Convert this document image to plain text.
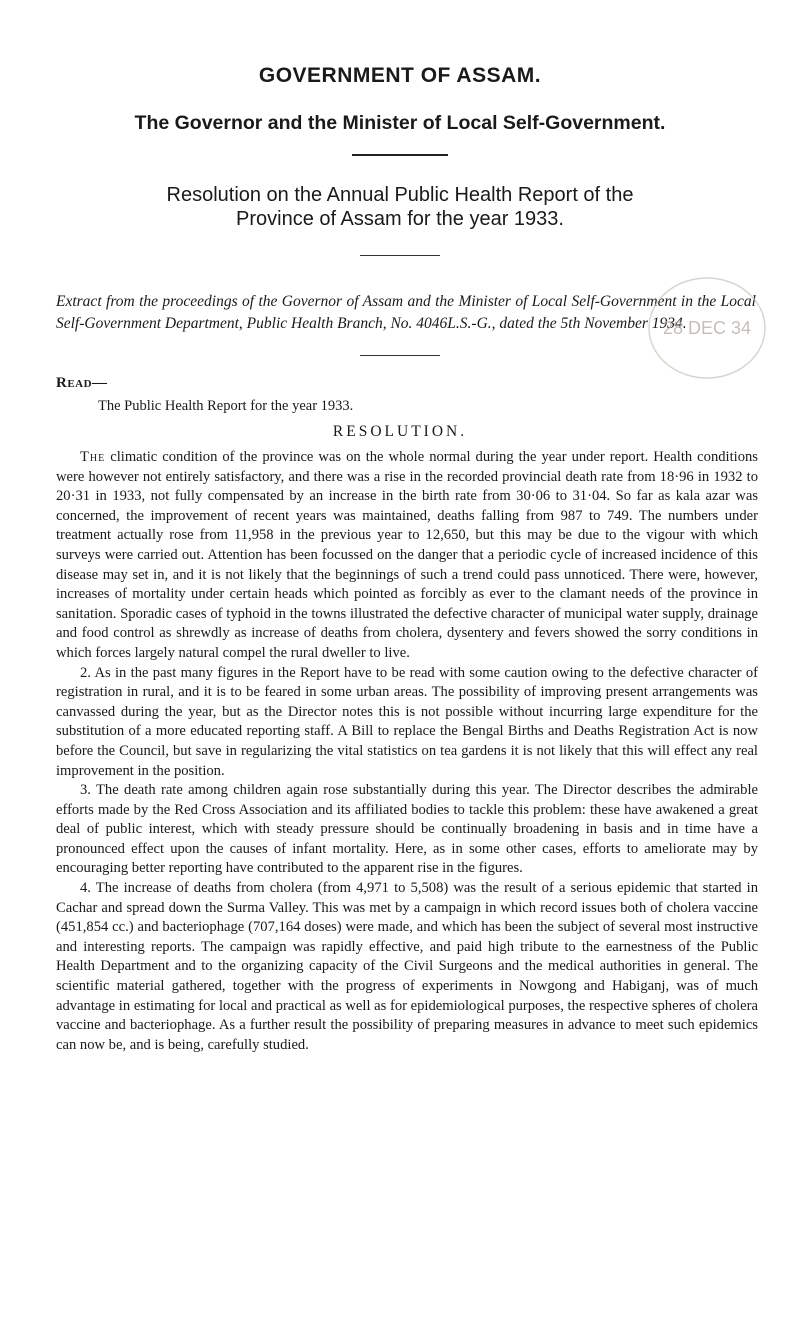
GOVERNMENT OF ASSAM.
The Governor and the Minister of Local Self-Government.
Resolution on the Annual Public Health Report of the
Province of Assam for the year 1933.
Extract from the proceedings of the Governor of Assam and the Minister of Local Self-Government in the Local Self-Government Department, Public Health Branch, No. 4046L.S.-G., dated the 5th November 1934.
28 DEC 34
Read—
The Public Health Report for the year 1933.
RESOLUTION.

The climatic condition of the province was on the whole normal during the year under report. Health conditions were however not entirely satisfactory, and there was a rise in the recorded provincial death rate from 18·96 in 1932 to 20·31 in 1933, not fully compensated by an increase in the birth rate from 30·06 to 31·04. So far as kala azar was concerned, the improvement of recent years was maintained, deaths falling from 987 to 749. The numbers under treatment actually rose from 11,958 in the previous year to 12,650, but this may be due to the vigour with which surveys were carried out. Attention has been focussed on the danger that a periodic cycle of increased incidence of this disease may set in, and it is not likely that the beginnings of such a trend could pass unnoticed. There were, however, increases of mortality under certain heads which pointed as forcibly as ever to the clamant needs of the province in sanitation. Sporadic cases of typhoid in the towns illustrated the defective character of municipal water supply, drainage and food control as shrewdly as increase of deaths from cholera, dysentery and fevers showed the sorry conditions in which forces largely natural compel the rural dweller to live.

2. As in the past many figures in the Report have to be read with some caution owing to the defective character of registration in rural, and it is to be feared in some urban areas. The possibility of improving present arrangements was canvassed during the year, but as the Director notes this is not possible without incurring large expenditure for the substitution of a more educated reporting staff. A Bill to replace the Bengal Births and Deaths Registration Act is now before the Council, but save in regularizing the vital statistics on tea gardens it is not likely that this will effect any real improvement in the position.

3. The death rate among children again rose substantially during this year. The Director describes the admirable efforts made by the Red Cross Association and its affiliated bodies to tackle this problem: these have awakened a great deal of public interest, which with steady pressure should be continually broadening in basis and in time have a pronounced effect upon the causes of infant mortality. Here, as in some other cases, efforts to ameliorate may by encouraging better reporting have contributed to the apparent rise in the figures.

4. The increase of deaths from cholera (from 4,971 to 5,508) was the result of a serious epidemic that started in Cachar and spread down the Surma Valley. This was met by a campaign in which record issues both of cholera vaccine (451,854 cc.) and bacteriophage (707,164 doses) were made, and which has been the subject of several most instructive and interesting reports. The campaign was rapidly effective, and paid high tribute to the earnestness of the Public Health Department and to the organizing capacity of the Civil Surgeons and the medical authorities in general. The scientific material gathered, together with the progress of experiments in Nowgong and Habiganj, was of much advantage in estimating for local and practical as well as for epidemiological purposes, the respective spheres of cholera vaccine and bacteriophage. As a further result the possibility of preparing measures in advance to meet such epidemics can now be, and is being, carefully studied.
